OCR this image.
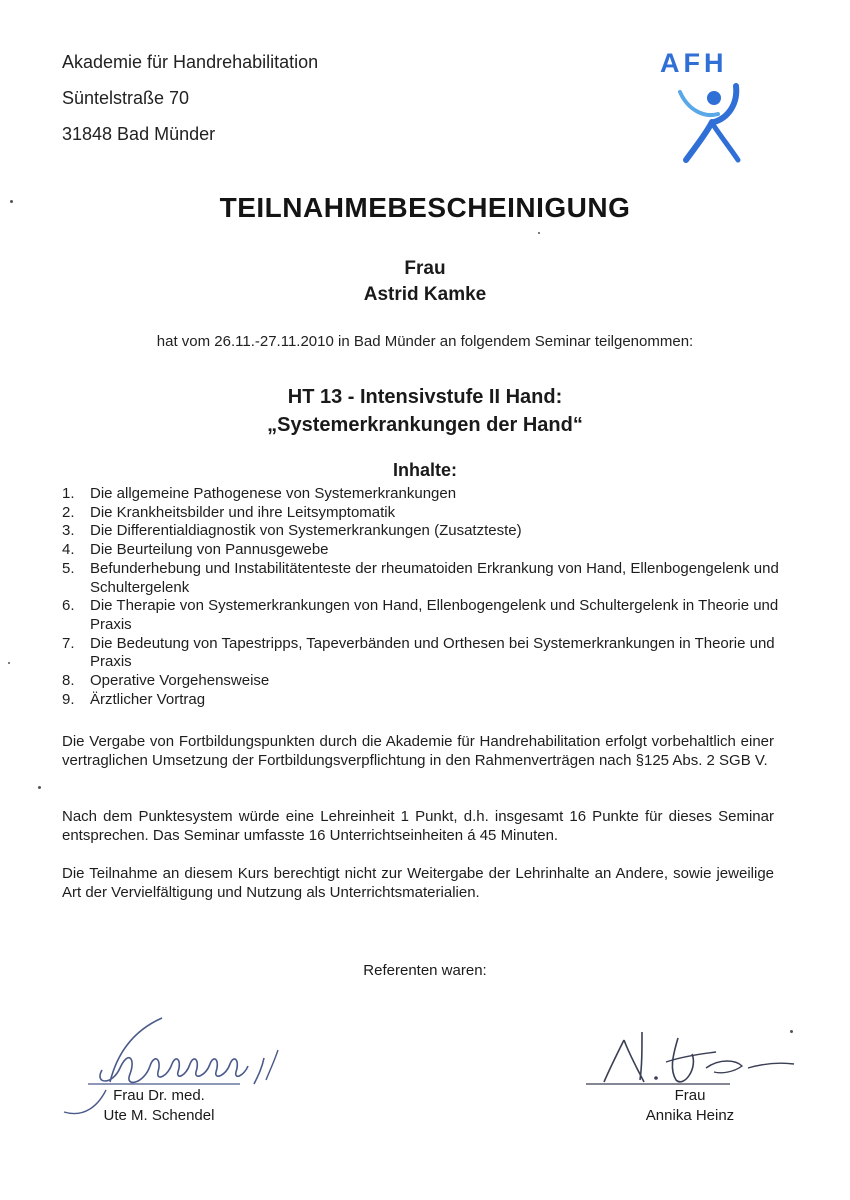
Akademie für Handrehabilitation
Süntelstraße 70
31848 Bad Münder
AFH
TEILNAHMEBESCHEINIGUNG
Frau
Astrid Kamke
hat vom 26.11.-27.11.2010 in Bad Münder an folgendem Seminar teilgenommen:
HT 13 - Intensivstufe II Hand:
„Systemerkrankungen der Hand“
Inhalte:
1.	Die allgemeine Pathogenese von Systemerkrankungen
2.	Die Krankheitsbilder und ihre Leitsymptomatik
3.	Die Differentialdiagnostik von Systemerkrankungen (Zusatzteste)
4.	Die Beurteilung von Pannusgewebe
5.	Befunderhebung und Instabilitätenteste der rheumatoiden Erkrankung von Hand, Ellenbogengelenk und Schultergelenk
6.	Die Therapie von Systemerkrankungen von Hand, Ellenbogengelenk und Schultergelenk in Theorie und Praxis
7.	Die Bedeutung von Tapestripps, Tapeverbänden und Orthesen bei Systemerkrankungen in Theorie und Praxis
8.	Operative Vorgehensweise
9.	Ärztlicher Vortrag
Die Vergabe von Fortbildungspunkten durch die Akademie für Handrehabilitation erfolgt vorbehaltlich einer vertraglichen Umsetzung der Fortbildungsverpflichtung in den Rahmenverträgen nach §125 Abs. 2 SGB V.
Nach dem Punktesystem würde eine Lehreinheit 1 Punkt, d.h. insgesamt 16 Punkte für dieses Seminar entsprechen. Das Seminar umfasste 16 Unterrichtseinheiten á 45 Minuten.
Die Teilnahme an diesem Kurs berechtigt nicht zur Weitergabe der Lehrinhalte an Andere, sowie jeweilige Art der Vervielfältigung und Nutzung als Unterrichtsmaterialien.
Referenten waren:
Frau Dr. med.
Ute M. Schendel
Frau
Annika Heinz
